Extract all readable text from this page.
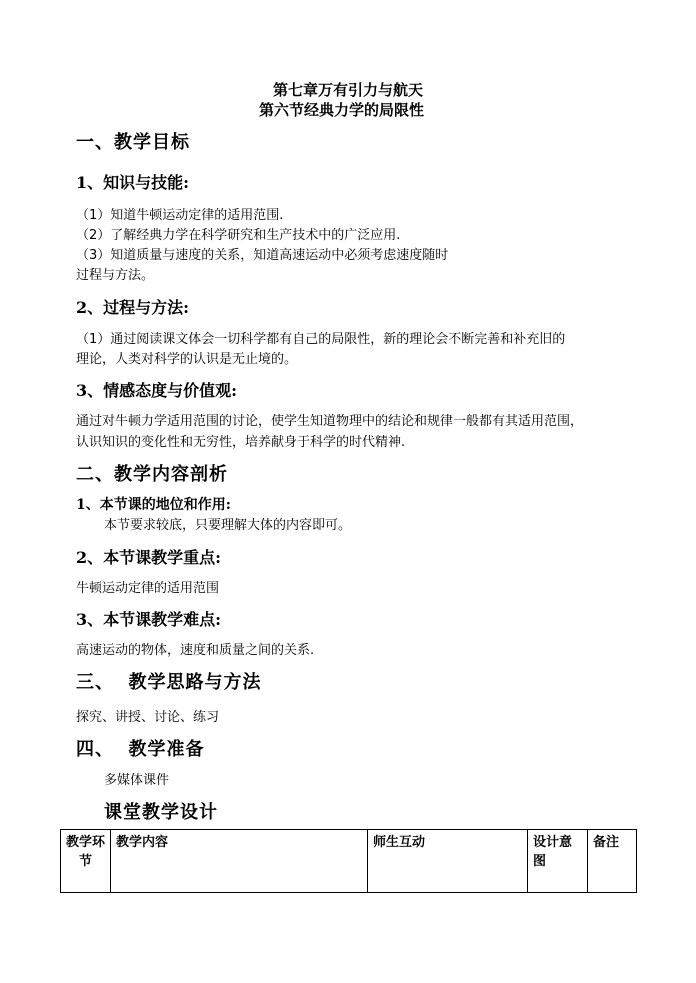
第七章万有引力与航天
第六节经典力学的局限性
一、教学目标
1、知识与技能:
（1）知道牛顿运动定律的适用范围.
（2）了解经典力学在科学研究和生产技术中的广泛应用.
（3）知道质量与速度的关系，知道高速运动中必须考虑速度随时
过程与方法。
2、过程与方法:
（1）通过阅读课文体会一切科学都有自己的局限性，新的理论会不断完善和补充旧的
理论，人类对科学的认识是无止境的。
3、情感态度与价值观:
通过对牛顿力学适用范围的讨论，使学生知道物理中的结论和规律一般都有其适用范围，
认识知识的变化性和无穷性，培养献身于科学的时代精神.
二、教学内容剖析
1、本节课的地位和作用:
本节要求较底，只要理解大体的内容即可。
2、本节课教学重点:
牛顿运动定律的适用范围
3、本节课教学难点:
高速运动的物体，速度和质量之间的关系.
三、  教学思路与方法
探究、讲授、讨论、练习
四、  教学准备
多媒体课件
课堂教学设计
教学环节	教学内容	师生互动	设计意图	备注
